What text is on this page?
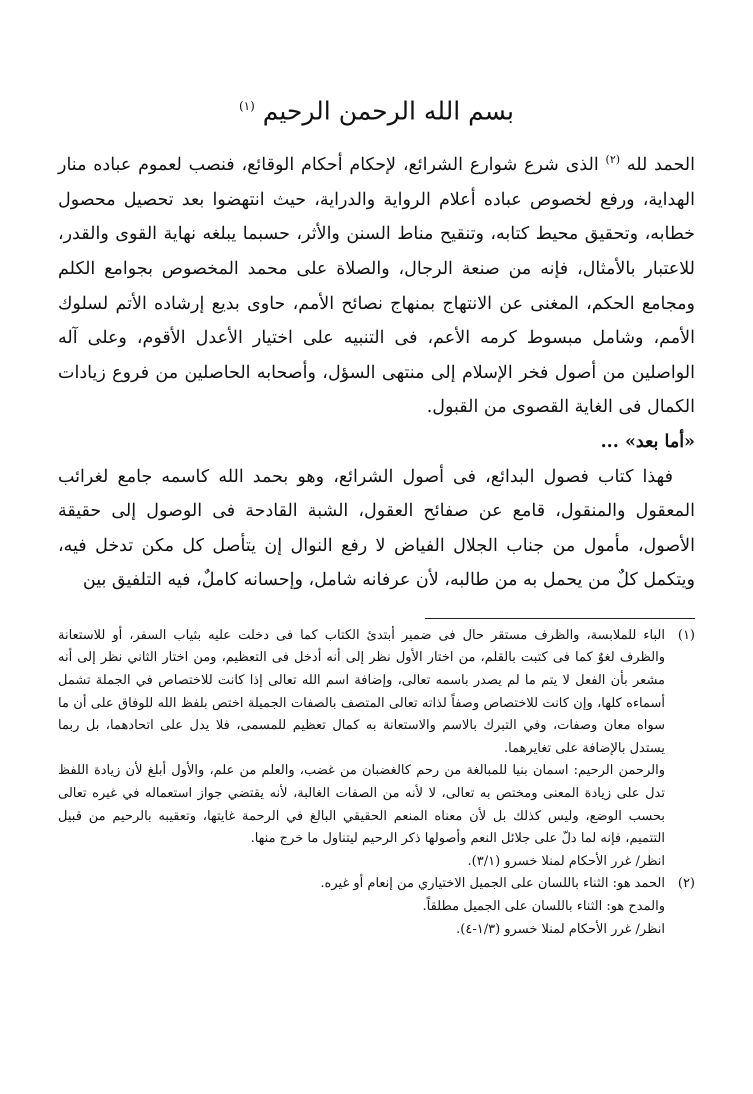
بسم الله الرحمن الرحيم $^{(١)}$

الحمد لله $^{(٢)}$ الذى شرع شوارع الشرائع، لإحكام أحكام الوقائع، فنصب لعموم عباده منار الهداية، ورفع لخصوص عباده أعلام الرواية والدراية، حيث انتهضوا بعد تحصيل محصول خطابه، وتحقيق محيط كتابه، وتنقيح مناط السنن والأثر، حسبما يبلغه نهاية القوى والقدر، للاعتبار بالأمثال، فإنه من صنعة الرجال، والصلاة على محمد المخصوص بجوامع الكلم ومجامع الحكم، المغنى عن الانتهاج بمنهاج نصائح الأمم، حاوى بديع إرشاده الأتم لسلوك الأمم، وشامل مبسوط كرمه الأعم، فى التنبيه على اختيار الأعدل الأقوم، وعلى آله الواصلين من أصول فخر الإسلام إلى منتهى السؤل، وأصحابه الحاصلين من فروع زيادات الكمال فى الغاية القصوى من القبول.

«أما بعد» ...

فهذا كتاب فصول البدائع، فى أصول الشرائع، وهو بحمد الله كاسمه جامع لغرائب المعقول والمنقول، قامع عن صفائح العقول، الشبة القادحة فى الوصول إلى حقيقة الأصول، مأمول من جناب الجلال الفياض لا رفع النوال إن يتأصل كل مكن تدخل فيه، ويتكمل كلٌ من يحمل به من طالبه، لأن عرفانه شامل، وإحسانه كاملٌ، فيه التلفيق بين

(١)

الباء للملابسة، والظرف مستقر حال فى ضمير أبتدئ الكتاب كما فى دخلت عليه بثياب السفر، أو للاستعانة والظرف لغوٌ كما فى كتبت بالقلم، من اختار الأول نظر إلى أنه أدخل فى التعظيم، ومن اختار الثاني نظر إلى أنه مشعر بأن الفعل لا يتم ما لم يصدر باسمه تعالى، وإضافة اسم الله تعالى إذا كانت للاختصاص في الجملة تشمل أسماءه كلها، وإن كانت للاختصاص وصفاً لذاته تعالى المتصف بالصفات الجميلة اختص بلفظ الله للوفاق على أن ما سواه معان وصفات، وفي التبرك بالاسم والاستعانة به كمال تعظيم للمسمى، فلا يدل على اتحادهما، بل ربما يستدل بالإضافة على تغايرهما.

والرحمن الرحيم: اسمان بنيا للمبالغة من رحم كالغضبان من غضب، والعلم من علم، والأول أبلغ لأن زيادة اللفظ تدل على زيادة المعنى ومختص به تعالى، لا لأنه من الصفات الغالبة، لأنه يقتضي جواز استعماله في غيره تعالى بحسب الوضع، وليس كذلك بل لأن معناه المنعم الحقيقي البالغ في الرحمة غايتها، وتعقيبه بالرحيم من قبيل التتميم، فإنه لما دلّ على جلائل النعم وأصولها ذكر الرحيم ليتناول ما خرج منها.

انظر/ غرر الأحكام لمنلا خسرو (٣/١).

(٢)

الحمد هو: الثناء باللسان على الجميل الاختياري من إنعام أو غيره.

والمدح هو: الثناء باللسان على الجميل مطلقاً.

انظر/ غرر الأحكام لمنلا خسرو (١/٣-٤).
